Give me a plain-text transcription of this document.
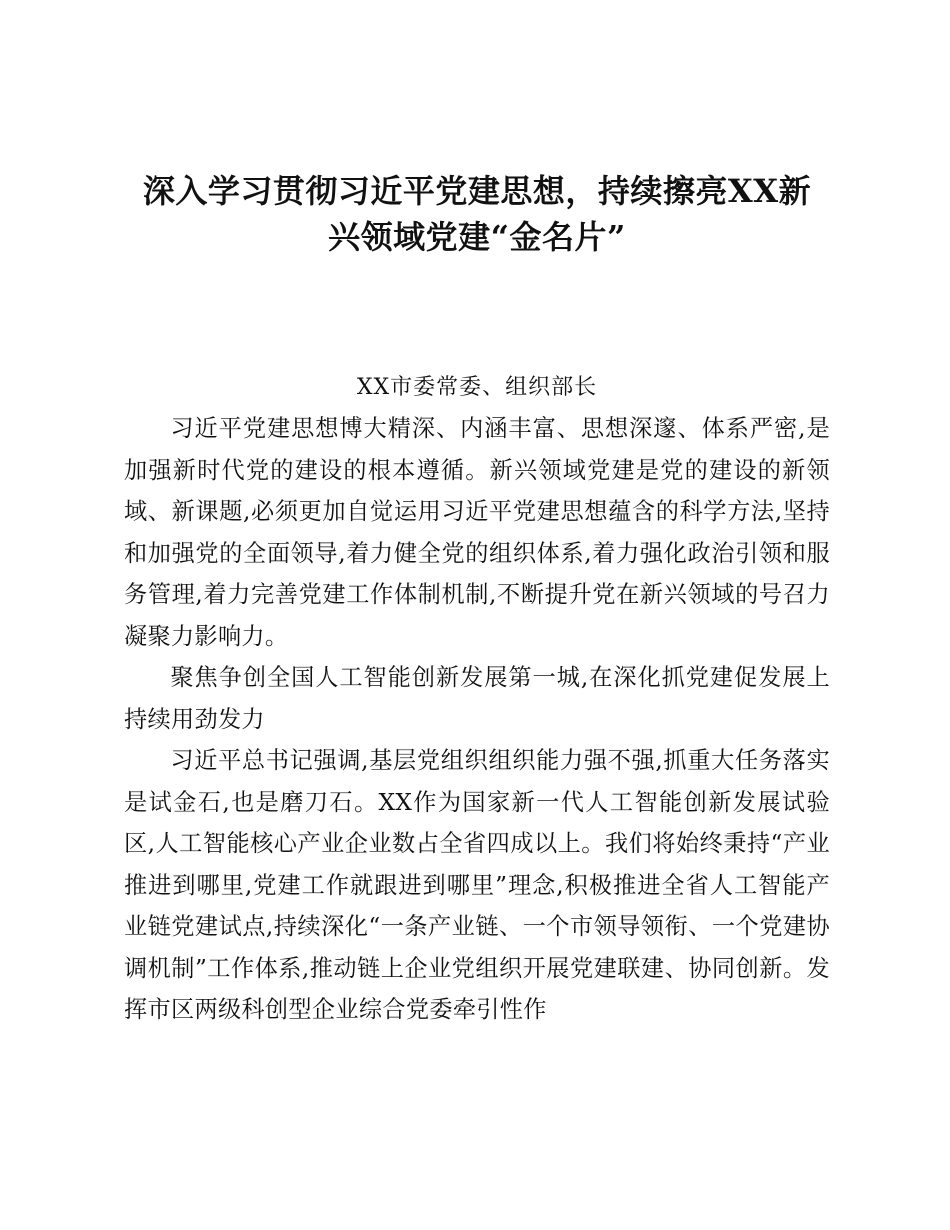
深入学习贯彻习近平党建思想，持续擦亮XX新
兴领域党建“金名片”

XX市委常委、组织部长

习近平党建思想博大精深、内涵丰富、思想深邃、体系严密,是加强新时代党的建设的根本遵循。新兴领域党建是党的建设的新领域、新课题,必须更加自觉运用习近平党建思想蕴含的科学方法,坚持和加强党的全面领导,着力健全党的组织体系,着力强化政治引领和服务管理,着力完善党建工作体制机制,不断提升党在新兴领域的号召力凝聚力影响力。

聚焦争创全国人工智能创新发展第一城,在深化抓党建促发展上持续用劲发力

习近平总书记强调,基层党组织组织能力强不强,抓重大任务落实是试金石,也是磨刀石。XX作为国家新一代人工智能创新发展试验区,人工智能核心产业企业数占全省四成以上。我们将始终秉持“产业推进到哪里,党建工作就跟进到哪里”理念,积极推进全省人工智能产业链党建试点,持续深化“一条产业链、一个市领导领衔、一个党建协调机制”工作体系,推动链上企业党组织开展党建联建、协同创新。发挥市区两级科创型企业综合党委牵引性作
